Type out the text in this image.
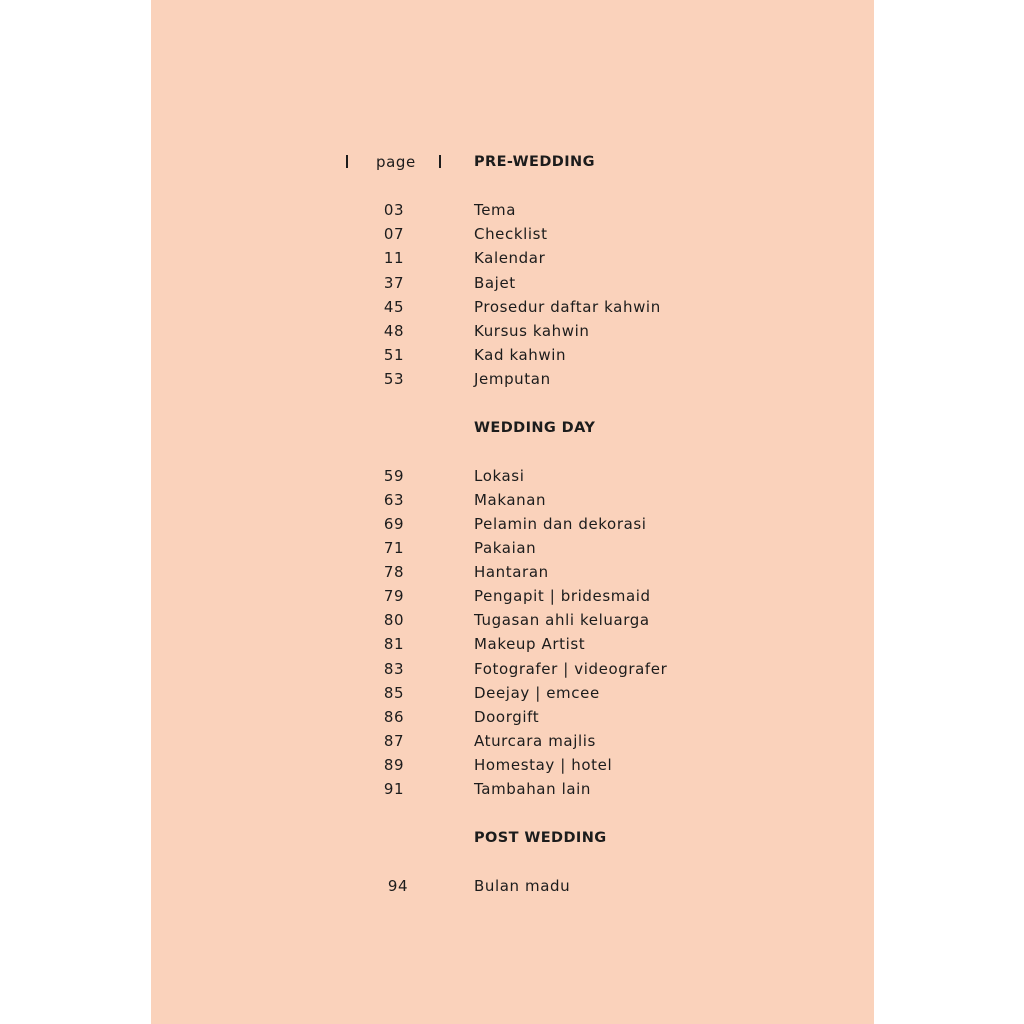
page	PRE-WEDDING
03	Tema
07	Checklist
11	Kalendar
37	Bajet
45	Prosedur daftar kahwin
48	Kursus kahwin
51	Kad kahwin
53	Jemputan
WEDDING DAY
59	Lokasi
63	Makanan
69	Pelamin dan dekorasi
71	Pakaian
78	Hantaran
79	Pengapit | bridesmaid
80	Tugasan ahli keluarga
81	Makeup Artist
83	Fotografer | videografer
85	Deejay | emcee
86	Doorgift
87	Aturcara majlis
89	Homestay | hotel
91	Tambahan lain
POST WEDDING
94	Bulan madu
